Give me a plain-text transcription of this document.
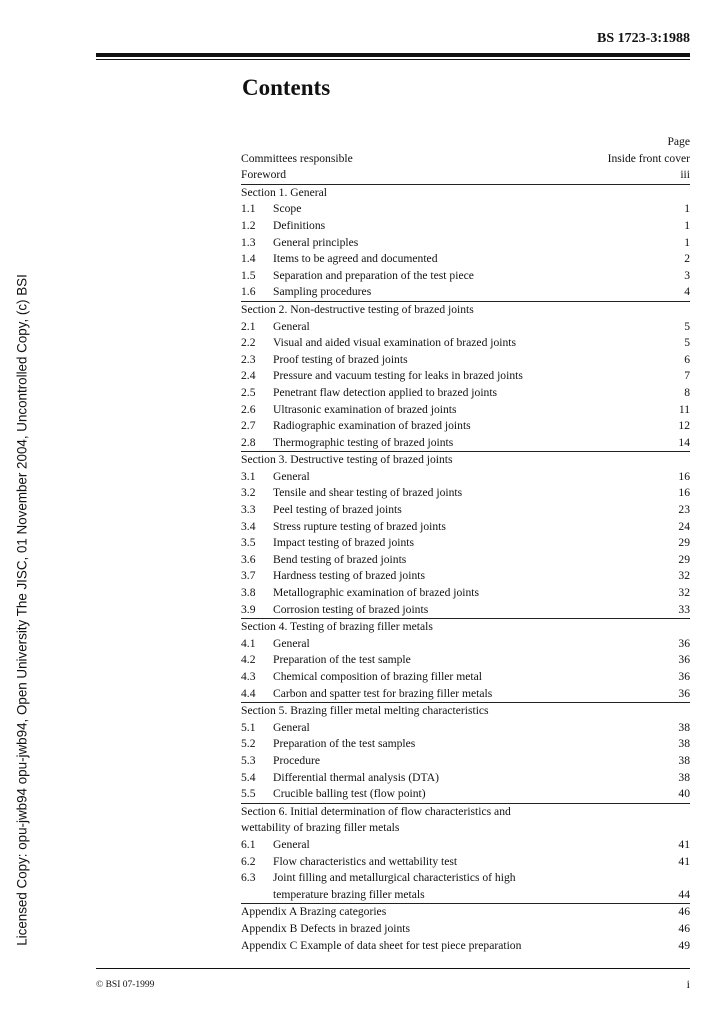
BS 1723-3:1988
Contents
Page
Committees responsible	Inside front cover
Foreword	iii
Section 1. General
1.1	Scope	1
1.2	Definitions	1
1.3	General principles	1
1.4	Items to be agreed and documented	2
1.5	Separation and preparation of the test piece	3
1.6	Sampling procedures	4
Section 2. Non-destructive testing of brazed joints
2.1	General	5
2.2	Visual and aided visual examination of brazed joints	5
2.3	Proof testing of brazed joints	6
2.4	Pressure and vacuum testing for leaks in brazed joints	7
2.5	Penetrant flaw detection applied to brazed joints	8
2.6	Ultrasonic examination of brazed joints	11
2.7	Radiographic examination of brazed joints	12
2.8	Thermographic testing of brazed joints	14
Section 3. Destructive testing of brazed joints
3.1	General	16
3.2	Tensile and shear testing of brazed joints	16
3.3	Peel testing of brazed joints	23
3.4	Stress rupture testing of brazed joints	24
3.5	Impact testing of brazed joints	29
3.6	Bend testing of brazed joints	29
3.7	Hardness testing of brazed joints	32
3.8	Metallographic examination of brazed joints	32
3.9	Corrosion testing of brazed joints	33
Section 4. Testing of brazing filler metals
4.1	General	36
4.2	Preparation of the test sample	36
4.3	Chemical composition of brazing filler metal	36
4.4	Carbon and spatter test for brazing filler metals	36
Section 5. Brazing filler metal melting characteristics
5.1	General	38
5.2	Preparation of the test samples	38
5.3	Procedure	38
5.4	Differential thermal analysis (DTA)	38
5.5	Crucible balling test (flow point)	40
Section 6. Initial determination of flow characteristics and
wettability of brazing filler metals
6.1	General	41
6.2	Flow characteristics and wettability test	41
6.3	Joint filling and metallurgical characteristics of high
temperature brazing filler metals	44
Appendix A Brazing categories	46
Appendix B Defects in brazed joints	46
Appendix C Example of data sheet for test piece preparation	49
Licensed Copy: opu-jwb94 opu-jwb94, Open University The JISC, 01 November 2004, Uncontrolled Copy, (c) BSI
© BSI 07-1999	i
